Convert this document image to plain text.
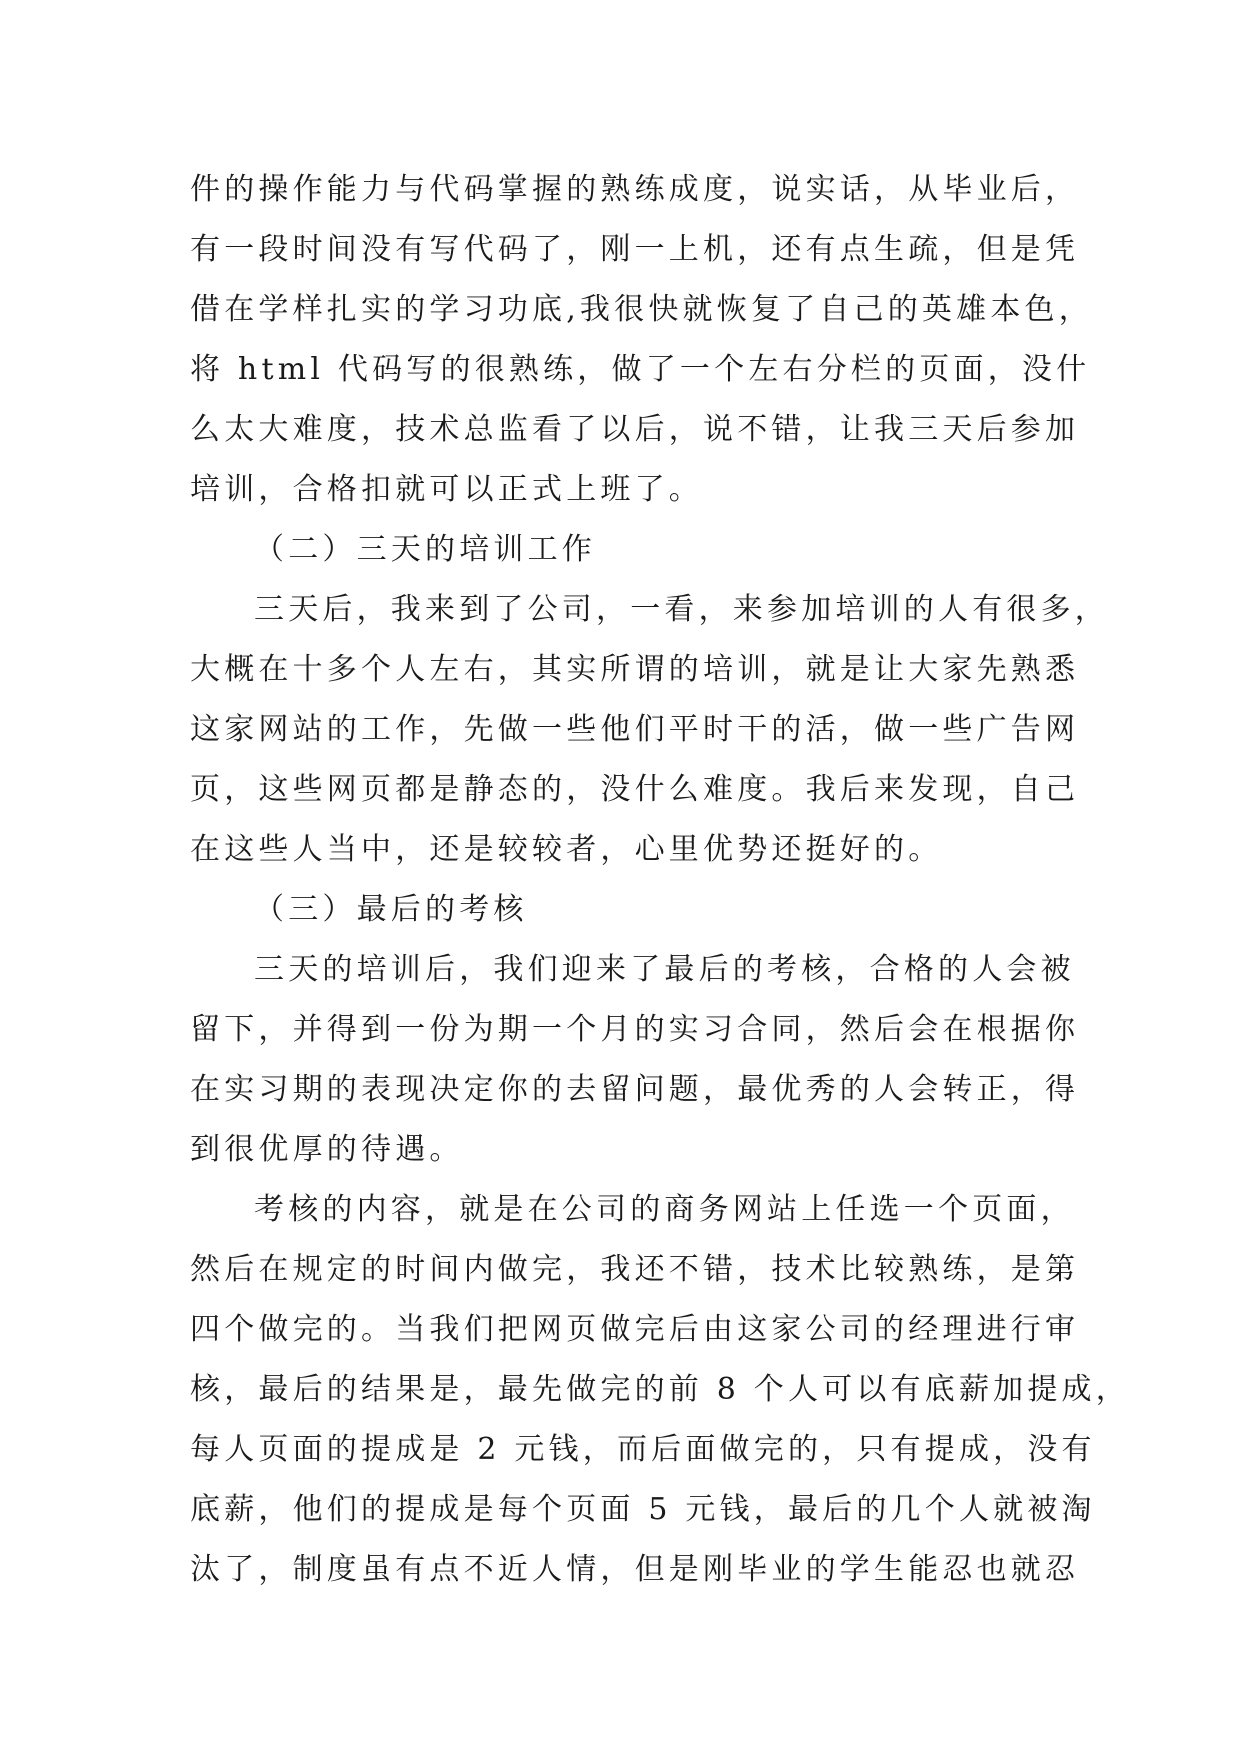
件的操作能力与代码掌握的熟练成度，说实话，从毕业后，
有一段时间没有写代码了，刚一上机，还有点生疏，但是凭
借在学样扎实的学习功底,我很快就恢复了自己的英雄本色，
将 html 代码写的很熟练，做了一个左右分栏的页面，没什
么太大难度，技术总监看了以后，说不错，让我三天后参加
培训，合格扣就可以正式上班了。
（二）三天的培训工作
三天后，我来到了公司，一看，来参加培训的人有很多，
大概在十多个人左右，其实所谓的培训，就是让大家先熟悉
这家网站的工作，先做一些他们平时干的活，做一些广告网
页，这些网页都是静态的，没什么难度。我后来发现，自己
在这些人当中，还是较较者，心里优势还挺好的。
（三）最后的考核
三天的培训后，我们迎来了最后的考核，合格的人会被
留下，并得到一份为期一个月的实习合同，然后会在根据你
在实习期的表现决定你的去留问题，最优秀的人会转正，得
到很优厚的待遇。
考核的内容，就是在公司的商务网站上任选一个页面，
然后在规定的时间内做完，我还不错，技术比较熟练，是第
四个做完的。当我们把网页做完后由这家公司的经理进行审
核，最后的结果是，最先做完的前 8 个人可以有底薪加提成，
每人页面的提成是 2 元钱，而后面做完的，只有提成，没有
底薪，他们的提成是每个页面 5 元钱，最后的几个人就被淘
汰了，制度虽有点不近人情，但是刚毕业的学生能忍也就忍
